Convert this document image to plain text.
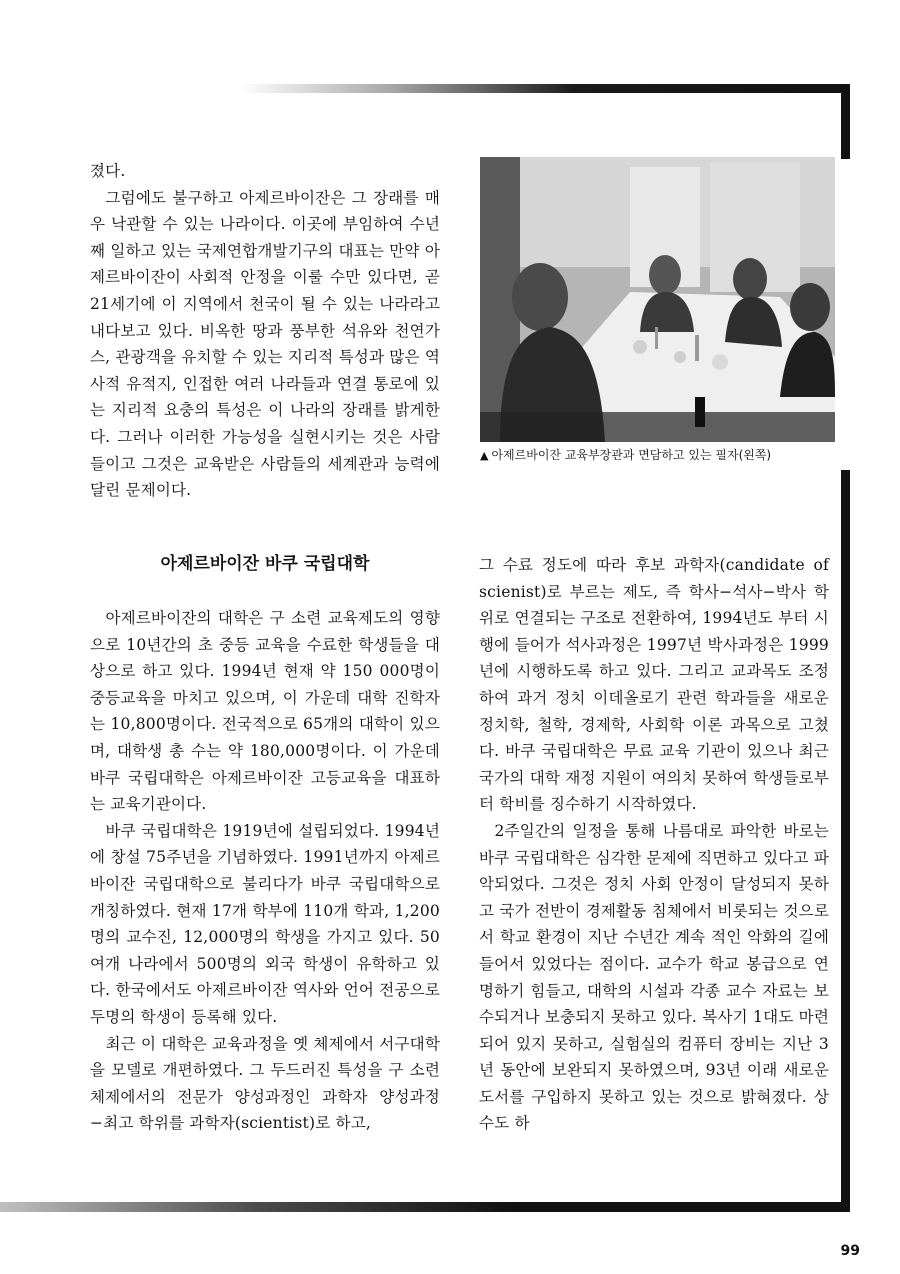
졌다.

그럼에도 불구하고 아제르바이잔은 그 장래를 매우 낙관할 수 있는 나라이다. 이곳에 부임하여 수년째 일하고 있는 국제연합개발기구의 대표는 만약 아제르바이잔이 사회적 안정을 이룰 수만 있다면, 곧 21세기에 이 지역에서 천국이 될 수 있는 나라라고 내다보고 있다. 비옥한 땅과 풍부한 석유와 천연가스, 관광객을 유치할 수 있는 지리적 특성과 많은 역사적 유적지, 인접한 여러 나라들과 연결 통로에 있는 지리적 요충의 특성은 이 나라의 장래를 밝게한다. 그러나 이러한 가능성을 실현시키는 것은 사람들이고 그것은 교육받은 사람들의 세계관과 능력에 달린 문제이다.

▲ 아제르바이잔 교육부장관과 면담하고 있는 필자(왼쪽)
아제르바이잔 바쿠 국립대학

아제르바이잔의 대학은 구 소련 교육제도의 영향으로 10년간의 초 중등 교육을 수료한 학생들을 대상으로 하고 있다. 1994년 현재 약 150 000명이 중등교육을 마치고 있으며, 이 가운데 대학 진학자는 10,800명이다. 전국적으로 65개의 대학이 있으며, 대학생 총 수는 약 180,000명이다. 이 가운데 바쿠 국립대학은 아제르바이잔 고등교육을 대표하는 교육기관이다.

바쿠 국립대학은 1919년에 설립되었다. 1994년에 창설 75주년을 기념하였다. 1991년까지 아제르바이잔 국립대학으로 불리다가 바쿠 국립대학으로 개칭하였다. 현재 17개 학부에 110개 학과, 1,200명의 교수진, 12,000명의 학생을 가지고 있다. 50여개 나라에서 500명의 외국 학생이 유학하고 있다. 한국에서도 아제르바이잔 역사와 언어 전공으로 두명의 학생이 등록해 있다.

최근 이 대학은 교육과정을 옛 체제에서 서구대학을 모델로 개편하였다. 그 두드러진 특성을 구 소련체제에서의 전문가 양성과정인 과학자 양성과정−최고 학위를 과학자(scientist)로 하고,

그 수료 정도에 따라 후보 과학자(candidate of scienist)로 부르는 제도, 즉 학사−석사−박사 학위로 연결되는 구조로 전환하여, 1994년도 부터 시행에 들어가 석사과정은 1997년 박사과정은 1999년에 시행하도록 하고 있다. 그리고 교과목도 조정하여 과거 정치 이데올로기 관련 학과들을 새로운 정치학, 철학, 경제학, 사회학 이론 과목으로 고쳤다. 바쿠 국립대학은 무료 교육 기관이 있으나 최근 국가의 대학 재정 지원이 여의치 못하여 학생들로부터 학비를 징수하기 시작하였다.

2주일간의 일정을 통해 나름대로 파악한 바로는 바쿠 국립대학은 심각한 문제에 직면하고 있다고 파악되었다. 그것은 정치 사회 안정이 달성되지 못하고 국가 전반이 경제활동 침체에서 비롯되는 것으로서 학교 환경이 지난 수년간 계속 적인 악화의 길에 들어서 있었다는 점이다. 교수가 학교 봉급으로 연명하기 힘들고, 대학의 시설과 각종 교수 자료는 보수되거나 보충되지 못하고 있다. 복사기 1대도 마련되어 있지 못하고, 실험실의 컴퓨터 장비는 지난 3년 동안에 보완되지 못하였으며, 93년 이래 새로운 도서를 구입하지 못하고 있는 것으로 밝혀졌다. 상수도 하

99
